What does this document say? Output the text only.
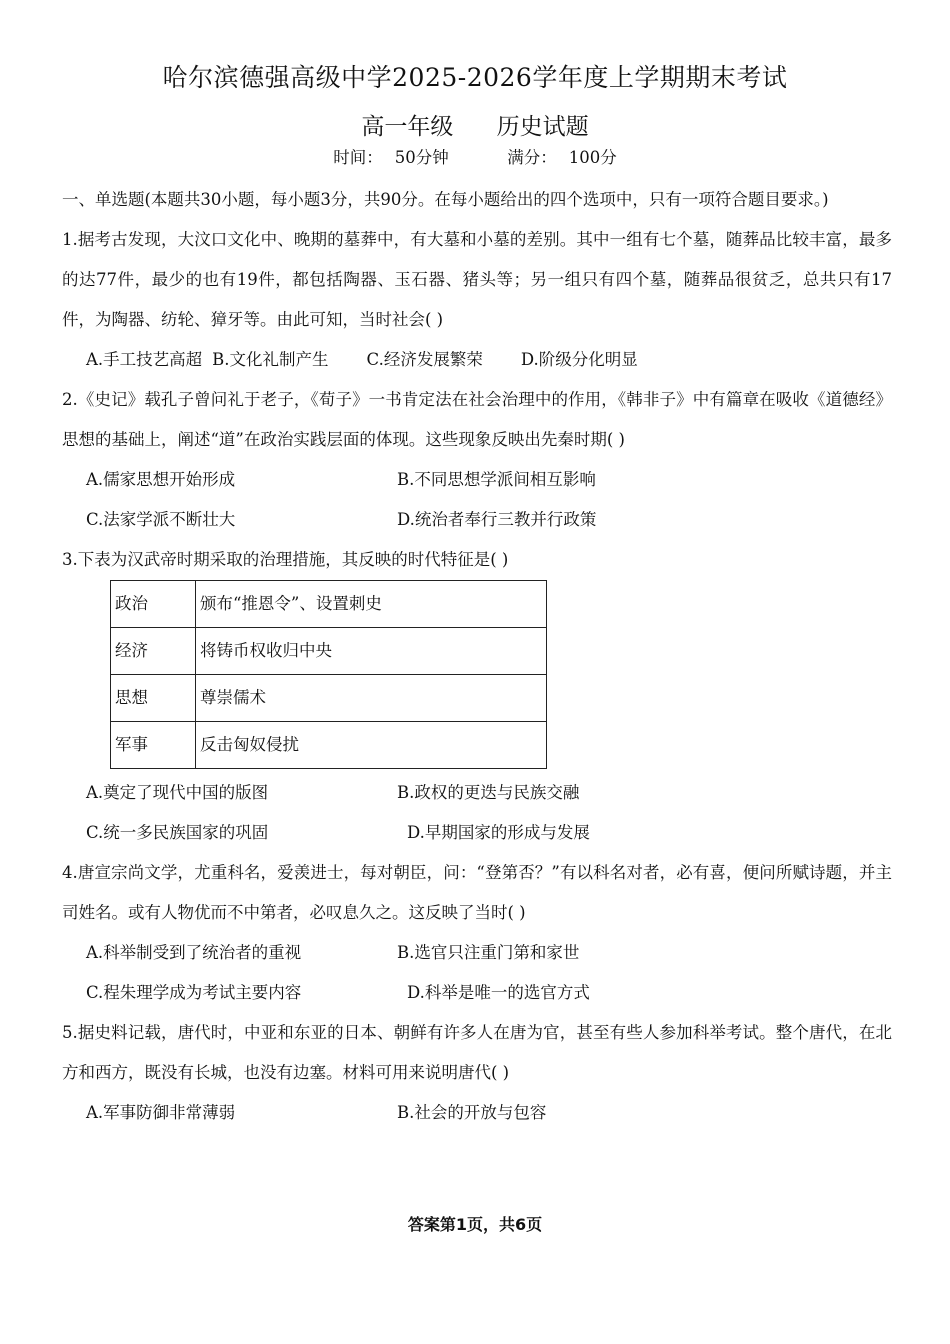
哈尔滨德强高级中学2025-2026学年度上学期期末考试
高一年级 历史试题
时间： 50分钟	满分： 100分

一、单选题(本题共30小题，每小题3分，共90分。在每小题给出的四个选项中，只有一项符合题目要求。)

1.据考古发现，大汶口文化中、晚期的墓葬中，有大墓和小墓的差别。其中一组有七个墓，随葬品比较丰富，最多的达77件，最少的也有19件，都包括陶器、玉石器、猪头等；另一组只有四个墓，随葬品很贫乏，总共只有17件，为陶器、纺轮、獐牙等。由此可知，当时社会( )

A.手工技艺高超 B.文化礼制产生 C.经济发展繁荣 D.阶级分化明显

2.《史记》载孔子曾问礼于老子，《荀子》一书肯定法在社会治理中的作用，《韩非子》中有篇章在吸收《道德经》思想的基础上，阐述“道”在政治实践层面的体现。这些现象反映出先秦时期( )

A.儒家思想开始形成	B.不同思想学派间相互影响
C.法家学派不断壮大	D.统治者奉行三教并行政策

3.下表为汉武帝时期采取的治理措施，其反映的时代特征是( )

政治	颁布“推恩令”、设置刺史
经济	将铸币权收归中央
思想	尊崇儒术
军事	反击匈奴侵扰
A.奠定了现代中国的版图	B.政权的更迭与民族交融
C.统一多民族国家的巩固	D.早期国家的形成与发展

4.唐宣宗尚文学，尤重科名，爱羡进士，每对朝臣，问：“登第否？”有以科名对者，必有喜，便问所赋诗题，并主司姓名。或有人物优而不中第者，必叹息久之。这反映了当时( )

A.科举制受到了统治者的重视	B.选官只注重门第和家世
C.程朱理学成为考试主要内容	D.科举是唯一的选官方式

5.据史料记载，唐代时，中亚和东亚的日本、朝鲜有许多人在唐为官，甚至有些人参加科举考试。整个唐代，在北方和西方，既没有长城，也没有边塞。材料可用来说明唐代( )

A.军事防御非常薄弱	B.社会的开放与包容
答案第1页，共6页
